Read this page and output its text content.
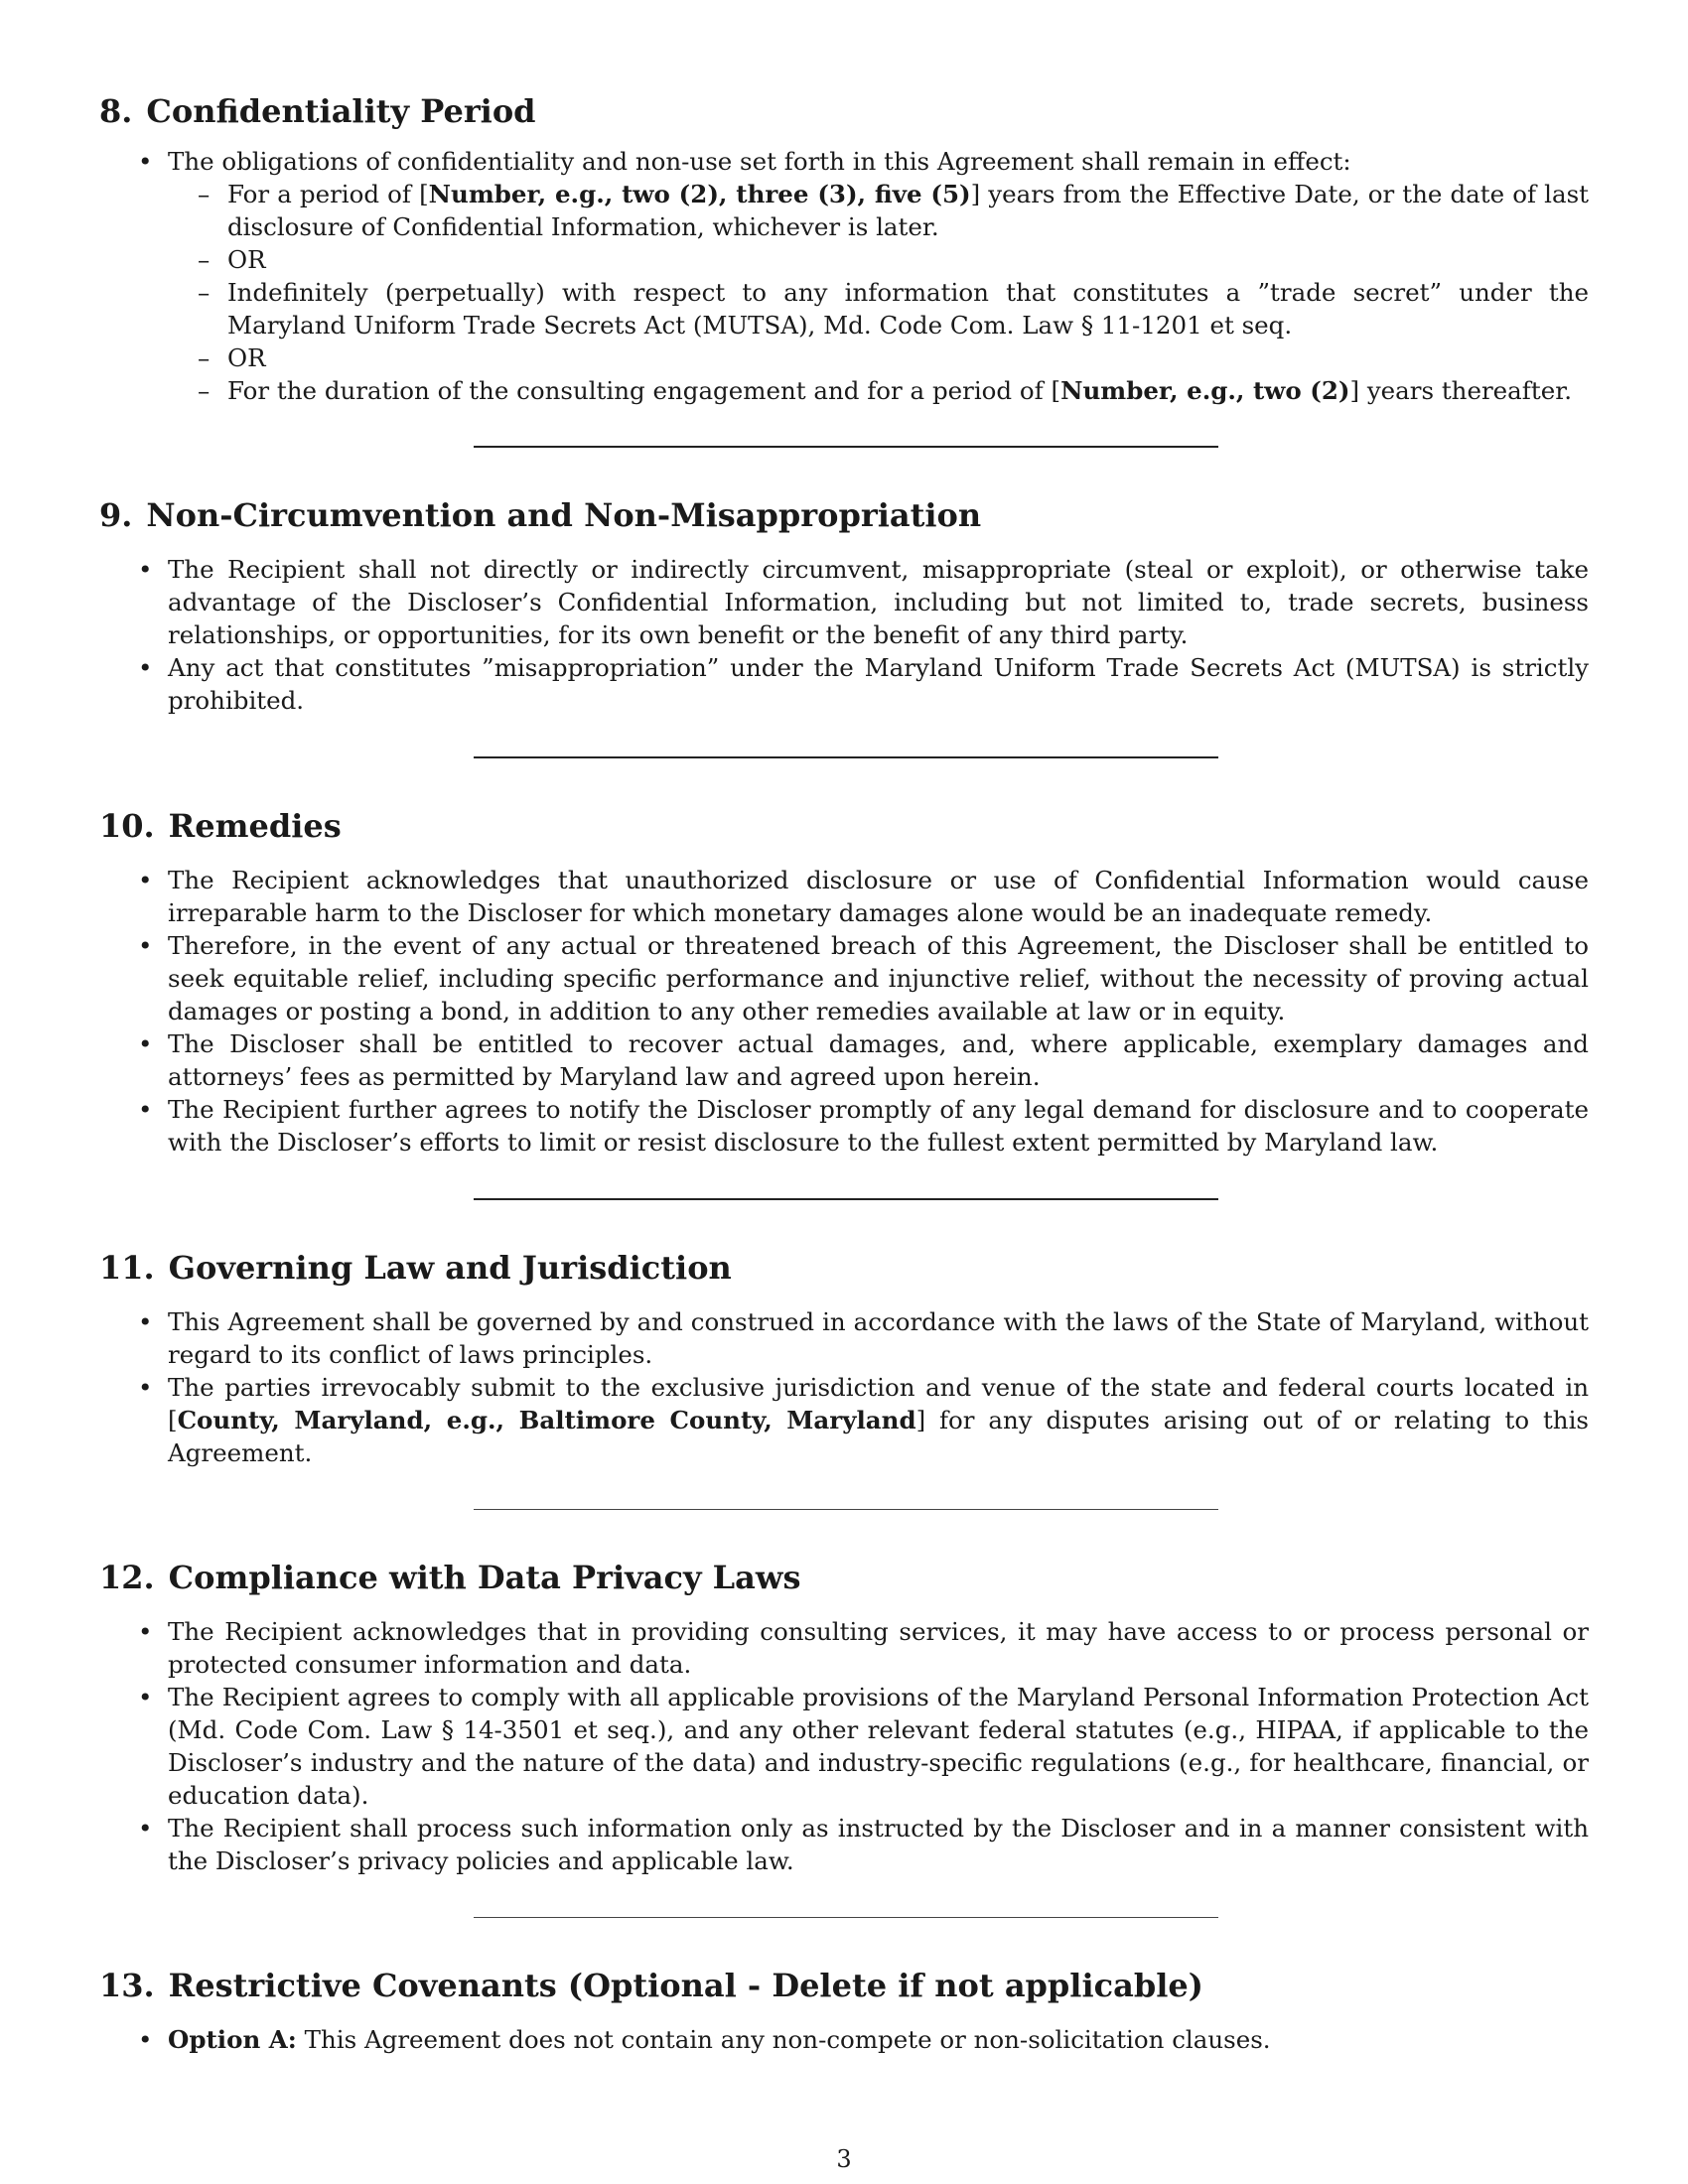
8. Confidentiality Period
• The obligations of confidentiality and non-use set forth in this Agreement shall remain in effect:
– For a period of [Number, e.g., two (2), three (3), five (5)] years from the Effective Date, or the date of last disclosure of Confidential Information, whichever is later.
– OR
– Indefinitely (perpetually) with respect to any information that constitutes a ”trade secret” under the Maryland Uniform Trade Secrets Act (MUTSA), Md. Code Com. Law § 11-1201 et seq.
– OR
– For the duration of the consulting engagement and for a period of [Number, e.g., two (2)] years thereafter.
9. Non-Circumvention and Non-Misappropriation
• The Recipient shall not directly or indirectly circumvent, misappropriate (steal or exploit), or otherwise take advantage of the Discloser’s Confidential Information, including but not limited to, trade secrets, business relationships, or opportunities, for its own benefit or the benefit of any third party.
• Any act that constitutes ”misappropriation” under the Maryland Uniform Trade Secrets Act (MUTSA) is strictly prohibited.
10. Remedies
• The Recipient acknowledges that unauthorized disclosure or use of Confidential Information would cause irreparable harm to the Discloser for which monetary damages alone would be an inadequate remedy.
• Therefore, in the event of any actual or threatened breach of this Agreement, the Discloser shall be entitled to seek equitable relief, including specific performance and injunctive relief, without the necessity of proving actual damages or posting a bond, in addition to any other remedies available at law or in equity.
• The Discloser shall be entitled to recover actual damages, and, where applicable, exemplary damages and attorneys’ fees as permitted by Maryland law and agreed upon herein.
• The Recipient further agrees to notify the Discloser promptly of any legal demand for disclosure and to cooperate with the Discloser’s efforts to limit or resist disclosure to the fullest extent permitted by Maryland law.
11. Governing Law and Jurisdiction
• This Agreement shall be governed by and construed in accordance with the laws of the State of Maryland, without regard to its conflict of laws principles.
• The parties irrevocably submit to the exclusive jurisdiction and venue of the state and federal courts located in [County, Maryland, e.g., Baltimore County, Maryland] for any disputes arising out of or relating to this Agreement.
12. Compliance with Data Privacy Laws
• The Recipient acknowledges that in providing consulting services, it may have access to or process personal or protected consumer information and data.
• The Recipient agrees to comply with all applicable provisions of the Maryland Personal Information Protection Act (Md. Code Com. Law § 14-3501 et seq.), and any other relevant federal statutes (e.g., HIPAA, if applicable to the Discloser’s industry and the nature of the data) and industry-specific regulations (e.g., for healthcare, financial, or education data).
• The Recipient shall process such information only as instructed by the Discloser and in a manner consistent with the Discloser’s privacy policies and applicable law.
13. Restrictive Covenants (Optional - Delete if not applicable)
• Option A: This Agreement does not contain any non-compete or non-solicitation clauses.
3
